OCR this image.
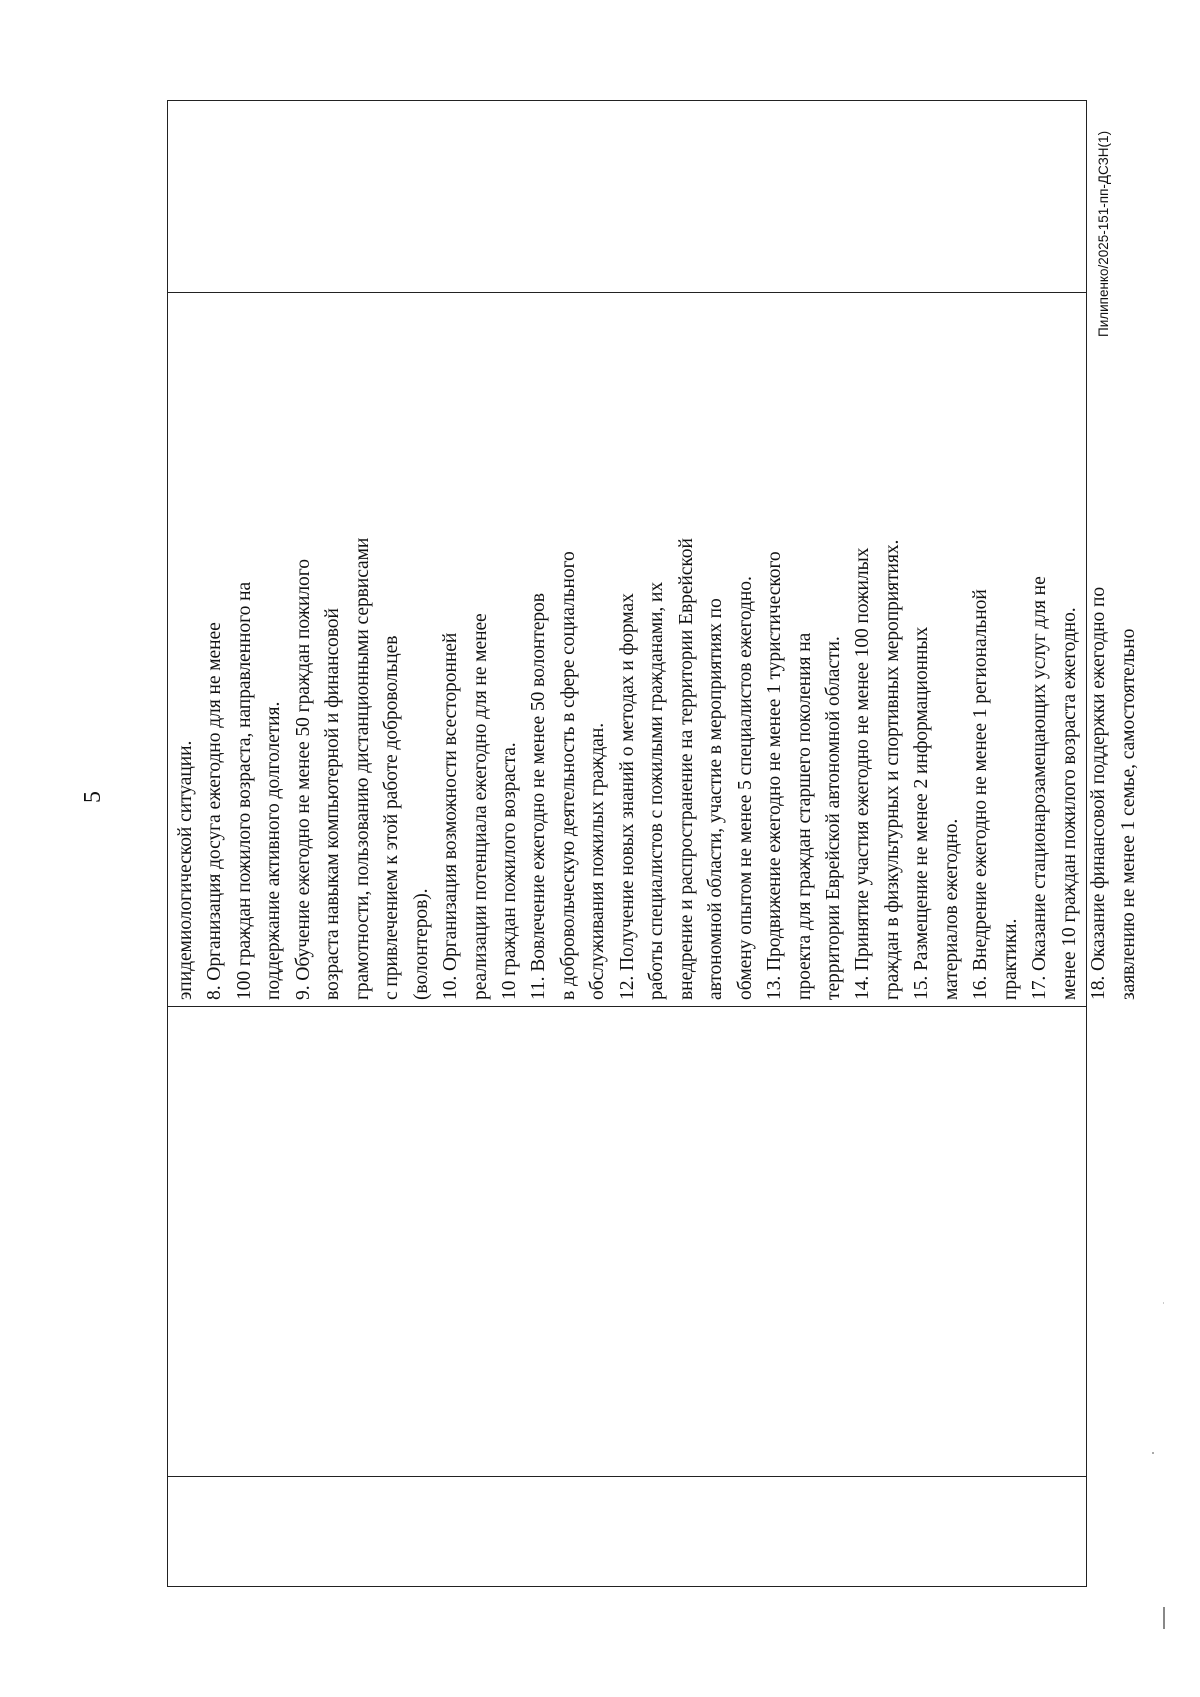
5	эпидемиологической ситуации. 8. Организация досуга ежегодно для не менее 100 граждан пожилого возраста, направленного на поддержание активного долголетия. 9. Обучение ежегодно не менее 50 граждан пожилого возраста навыкам компьютерной и финансовой грамотности, пользованию дистанционными сервисами с привлечением к этой работе добровольцев (волонтеров). 10. Организация возможности всесторонней реализации потенциала ежегодно для не менее 10 граждан пожилого возраста. 11. Вовлечение ежегодно не менее 50 волонтеров в добровольческую деятельность в сфере социального обслуживания пожилых граждан. 12. Получение новых знаний о методах и формах работы специалистов с пожилыми гражданами, их внедрение и распространение на территории Еврейской автономной области, участие в мероприятиях по обмену опытом не менее 5 специалистов ежегодно. 13. Продвижение ежегодно не менее 1 туристического проекта для граждан старшего поколения на территории Еврейской автономной области. 14. Принятие участия ежегодно не менее 100 пожилых граждан в физкультурных и спортивных мероприятиях. 15. Размещение не менее 2 информационных материалов ежегодно. 16. Внедрение ежегодно не менее 1 региональной практики. 17. Оказание стационарозамещающих услуг для не менее 10 граждан пожилого возраста ежегодно. 18. Оказание финансовой поддержки ежегодно по заявлению не менее 1 семье, самостоятельно
Пилипенко/2025-151-пп-ДСЗН(1)
